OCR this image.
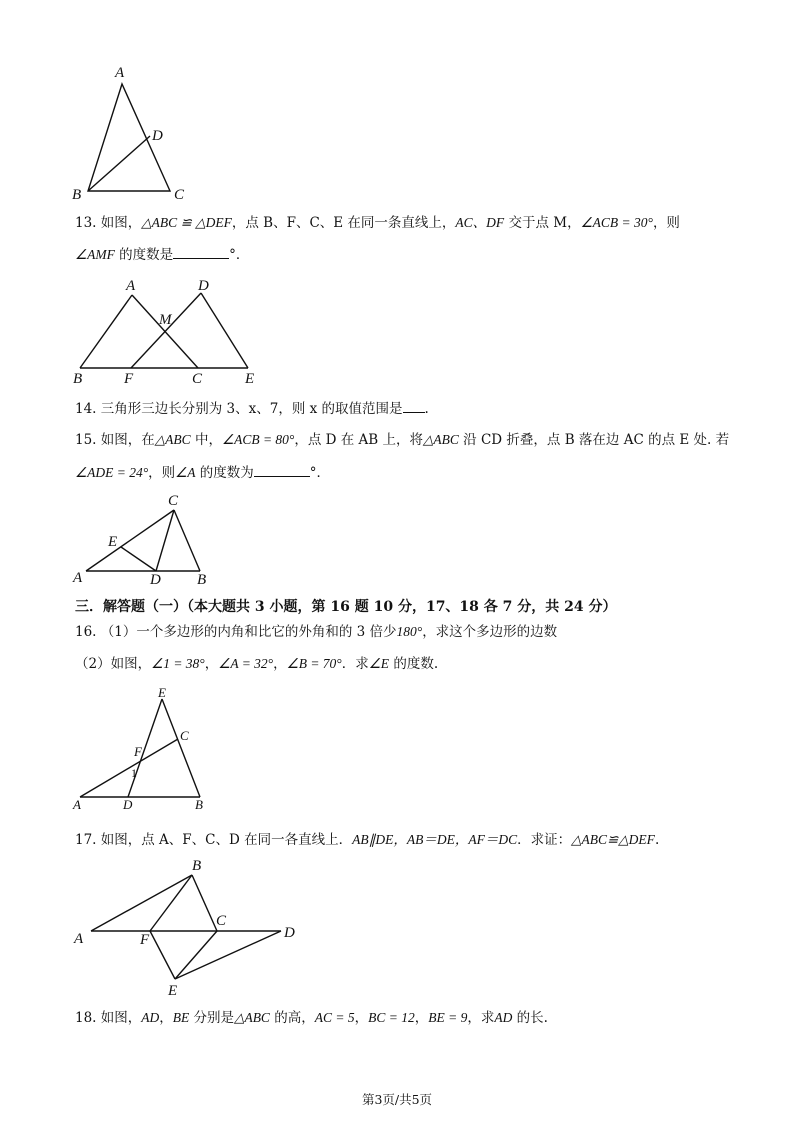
A
D
B	C
13. 如图，△ABC ≌ △DEF，点 B、F、C、E 在同一条直线上，AC、DF 交于点 M，∠ACB = 30°，则
∠AMF 的度数是	°．
A	D
M
B	F	C	E
14. 三角形三边长分别为 3、x、7，则 x 的取值范围是 .
15. 如图，在△ABC 中，∠ACB = 80°，点 D 在 AB 上，将△ABC 沿 CD 折叠，点 B 落在边 AC 的点 E 处. 若
∠ADE = 24°，则∠A 的度数为	°．
C
E
A	D B
三．解答题（一）（本大题共 3 小题，第 16 题 10 分，17、18 各 7 分，共 24 分）
16. （1）一个多边形的内角和比它的外角和的 3 倍少180°，求这个多边形的边数
（2）如图，∠1 = 38°，∠A = 32°，∠B = 70°．求∠E 的度数.
E
C
F
1
A	D	B
17. 如图，点 A、F、C、D 在同一各直线上．AB∥DE，AB＝DE，AF＝DC．求证：△ABC≌△DEF.
B
C
A	F	D
E
18. 如图，AD，BE 分别是△ABC 的高，AC = 5，BC = 12，BE = 9，求AD 的长.
第3页/共5页
